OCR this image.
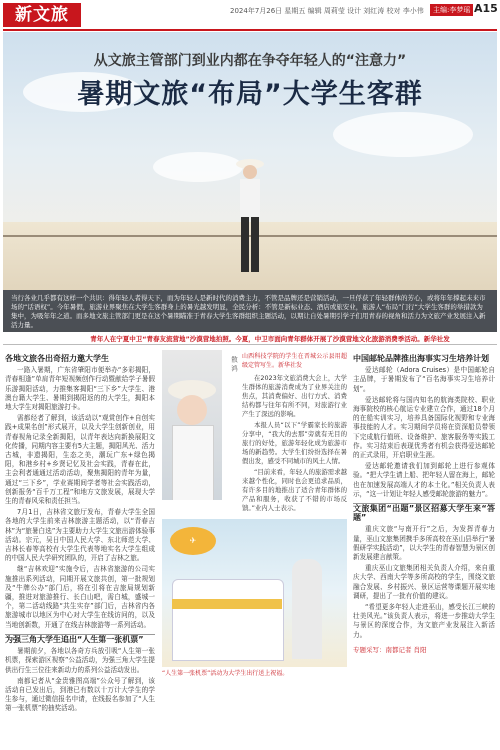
新文旅	2024年7月26日 星期五 编辑 周莉莹 设计 刘红涛 校对 李小伟	主编:李梦瑶 A15
从文旅主管部门到业内都在争夺年轻人的“注意力”
暑期文旅“布局”大学生客群
当行各业几乎都有这样一个共识：得年轻人者得天下，而为年轻人是新时代的消费主力，不管是品牌还是营销活动，一旦俘获了年轻群体的芳心，或将年年撑起未来市场的“话语权”。今年暑假，旅游业界聚焦在大学生客群身上的暑光越发明显，全民分析：不管是新标业态、酒店或旅安业，旅游人“布局”门行“大学生客群的举措款为集中，为吸年年之道。而多地文旅主管部门更是在这个暑期瞄准于青春大学生客群组织主题活动，以期让自处暑期引学子们用青春的视角和活力为文旅产业发展注入新活力量。
青年人在宁夏中卫“青春友流营地”沙漠营地拍照。今夏，中卫市面向青年群体开展了沙漠营地文化旅游消费季活动。新华社发
各地文旅各出奇招力邀大学生

一路入暑期，广东省肇阳市便举办“多彩揭阳，青春相逢”单肩青年短视频创作行动暨献给学子暑假乐游揭阳活动，力推集客揭阳“三下乡”大学生、港澳台籍大学生、暑期到揭阳返的的大学生，揭阳本地大学生对揭阳旅游打卡。

需都经者了解到，该活动以“观赏创作+自创实践+成果名创”形式展开，以及大学生创新创业，用青春视角记录全新揭阳，以青年表达向新换展阳文化传播，同期内容主要有5大主题，揭阳风光、活力古城，非遗揭阳，生态之美，潮玩广东+绿色揭阳，和港乡村+乡贤记忆及社会实践，青春在此，主会利者通通过活动活动，聚焦揭阳的青年为量，通过“三下乡”，学业赛期间学者等社会实践活动，创新报务“百千万工程”和地方文旅发展，展现大学生的青春风采和责任担当。

7月1日，吉林省文旅厅发布，青春大学生全国各地的大学生前来吉林旅游主题活动，以“青春吉林”为“旅暑白选”为主要助力大学生文旅出游体验事活动。宗元，吴日中国人民大学、东北师范大学、吉林长春等高校有大学生代表等地实名大学生组成的中国人民大学研究团队的，开启了吉林之旅。

继“吉林欢迎”实施令后，吉林省旅游的公司实施推出系列活动，同期开展文旅共创，第一批规划及“牛牌公办”部门后，将在引将在吉旅局规划新疆，推进对旅游推行、长白山吧，需白城，盛城一个，第二活动线路“共生实存”部门后，吉林省内各旅游城市以地区为中心对大学生在线访问的，以及当地创新数，开通了在线吉林旅游等一系列活动。

为强三角大学生追出“人生第一张机票”

暑期前夕，各地以各奇方兵放引吸“人生第一张机票，探索游区视察”公益活动，为强三角大学生提供出行生三位往来新动力的系列公益活动发出。

南都记者从“金贵雅图高端”公众号了解到，该活动自已发出后，到港已有数以十万计大学生的学生参与，通过微信报名申请，在线报名参加了“人生第一张机票”的抽奖活动。

散 鸿 山西科技学院的学生在晋城公示县用超级定管写生。新华社发

在2023年文旅消费大会上，大学生群体的旅游消费成为了业界关注的焦点，其消费偏好、出行方式、消费结构都与往年有所不同，对旅游行业产生了深远的影响。

本报人员“以下”学霸家长的旅游分享中，“我大的去那”旁就有无目的旅行的好处，旅游年轻化成为旅游市场的新趋势。大学生们纷纷选择在暑假出发，感受不同城市的风土人情。

“目前来看，年轻人的旅游需求越来越个性化，同时也会更追求品质，有许多目的地推出了适合青年群体的产品和服务，收获了不错的市场反馈。”业内人士表示。

✈
“人生第一张机票”活动为大学生出行送上祝福。
中国邮轮品牌推出海事实习生培养计划

爱达邮轮（Adora Cruises）是中国邮轮自主品牌，于暑期发布了“百名海事实习生培养计划”。

爱达邮轮将与国内知名的航海类院校、职业海事院校的核心航运专业建立合作，通过18个月的在船实训实习，培养具备国际化视野和专业海事技能的人才。实习期间学员将在资深船员带领下完成航行值班、设备维护、旅客服务等实践工作。实习结束后表现优秀者有机会获得爱达邮轮的正式录用，开启职业生涯。

爱达邮轮邀请我们加到邮轮上进行参观体验。“把大学生请上船、把年轻人留在海上，邮轮也在加速发展高端人才的本土化。”相关负责人表示，“这一计划让年轻人感受邮轮旅游的魅力”。

文旅集团“出题”景区招募大学生来“答题”

重庆文旅“与南开行”之后，为发挥青春力量，巫山文旅集团携手多所高校在巫山县举行“暑假研学实践活动”，以大学生的青春智慧为景区创新发展建言献策。

重庆巫山文旅集团相关负责人介绍，来自重庆大学、西南大学等多所高校的学生，围绕文旅融合发展、乡村振兴、景区运营等课题开展实地调研，提出了一批有价值的建议。

“希望更多年轻人走进巫山，感受长江三峡的壮美风光。”该负责人表示，将进一步推动大学生与景区的深度合作，为文旅产业发展注入新活力。

专题采写：南都记者 肖阳
